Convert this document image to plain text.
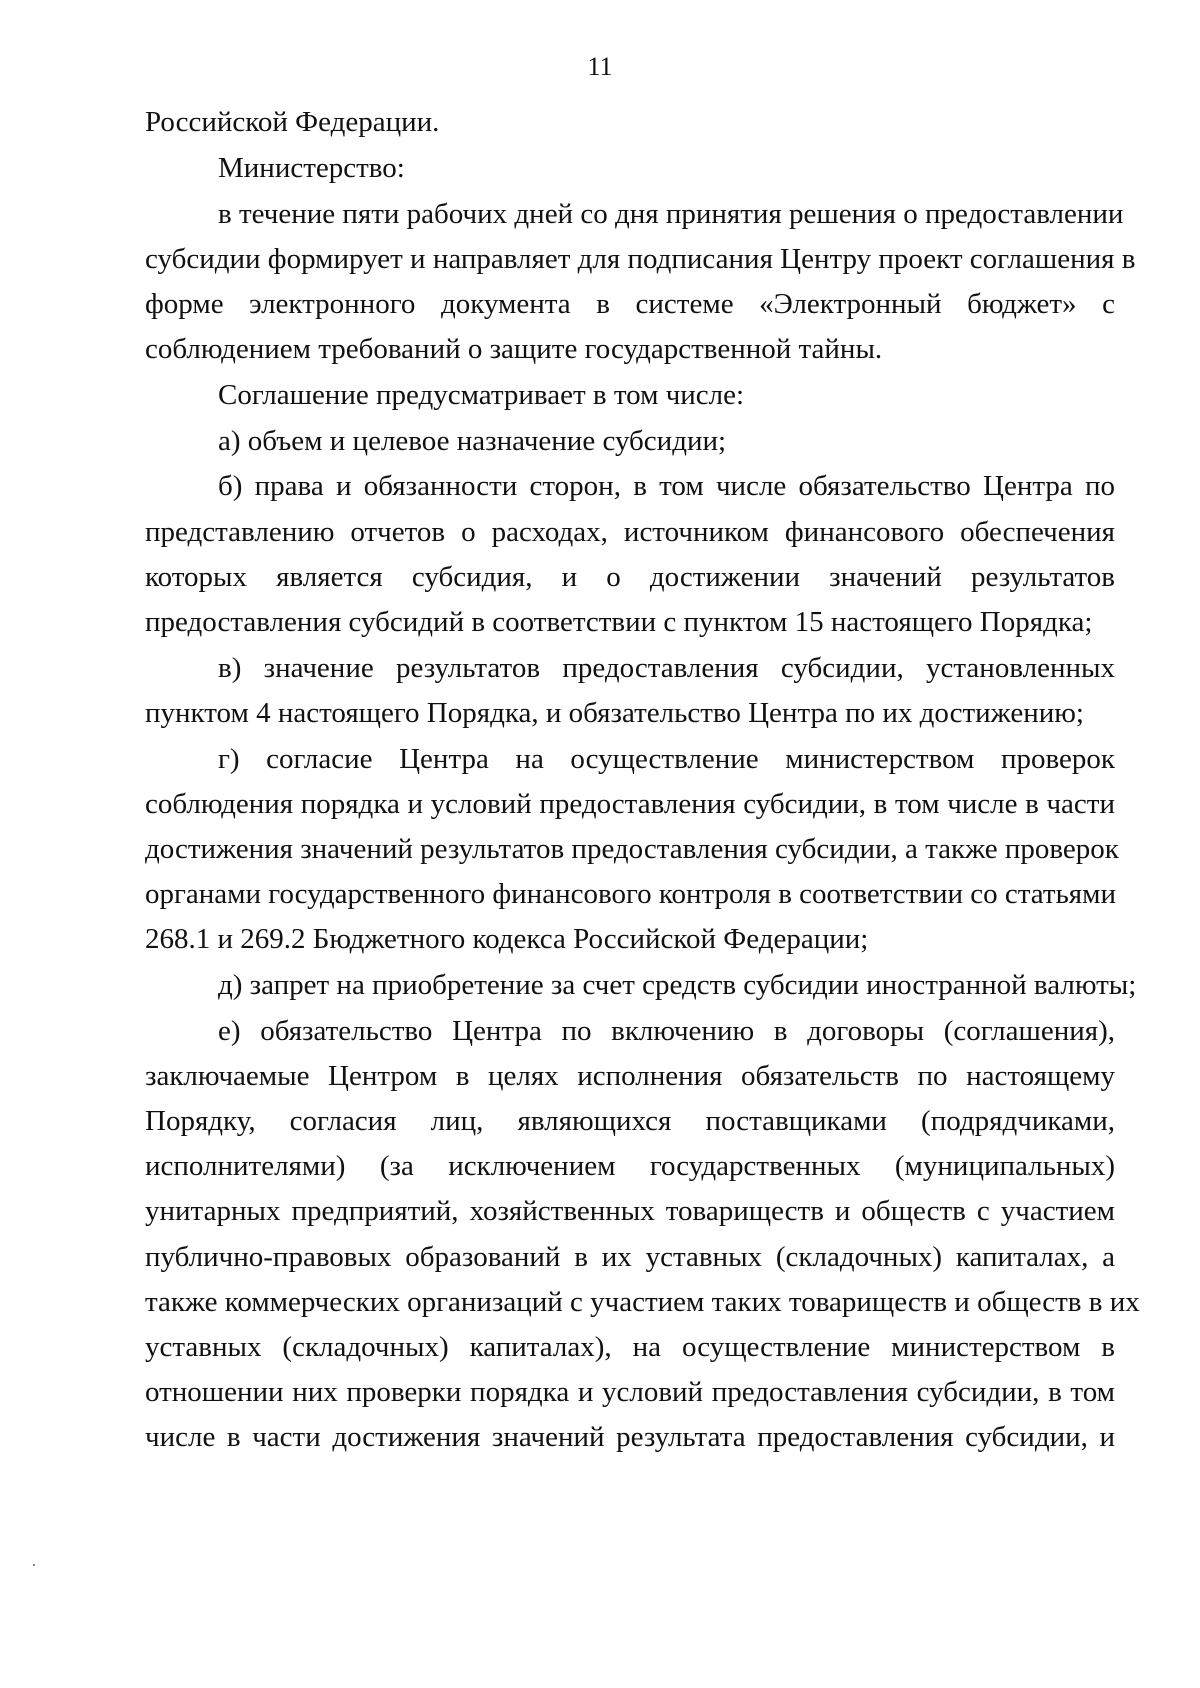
11
Российской Федерации.
Министерство:
в течение пяти рабочих дней со дня принятия решения о предоставлении
субсидии формирует и направляет для подписания Центру проект соглашения в
форме электронного документа в системе «Электронный бюджет» с
соблюдением требований о защите государственной тайны.
Соглашение предусматривает в том числе:
а) объем и целевое назначение субсидии;
б) права и обязанности сторон, в том числе обязательство Центра по
представлению отчетов о расходах, источником финансового обеспечения
которых является субсидия, и о достижении значений результатов
предоставления субсидий в соответствии с пунктом 15 настоящего Порядка;
в) значение результатов предоставления субсидии, установленных
пунктом 4 настоящего Порядка, и обязательство Центра по их достижению;
г) согласие Центра на осуществление министерством проверок
соблюдения порядка и условий предоставления субсидии, в том числе в части
достижения значений результатов предоставления субсидии, а также проверок
органами государственного финансового контроля в соответствии со статьями
268.1 и 269.2 Бюджетного кодекса Российской Федерации;
д) запрет на приобретение за счет средств субсидии иностранной валюты;
е) обязательство Центра по включению в договоры (соглашения),
заключаемые Центром в целях исполнения обязательств по настоящему
Порядку, согласия лиц, являющихся поставщиками (подрядчиками,
исполнителями) (за исключением государственных (муниципальных)
унитарных предприятий, хозяйственных товариществ и обществ с участием
публично-правовых образований в их уставных (складочных) капиталах, а
также коммерческих организаций с участием таких товариществ и обществ в их
уставных (складочных) капиталах), на осуществление министерством в
отношении них проверки порядка и условий предоставления субсидии, в том
числе в части достижения значений результата предоставления субсидии, и
